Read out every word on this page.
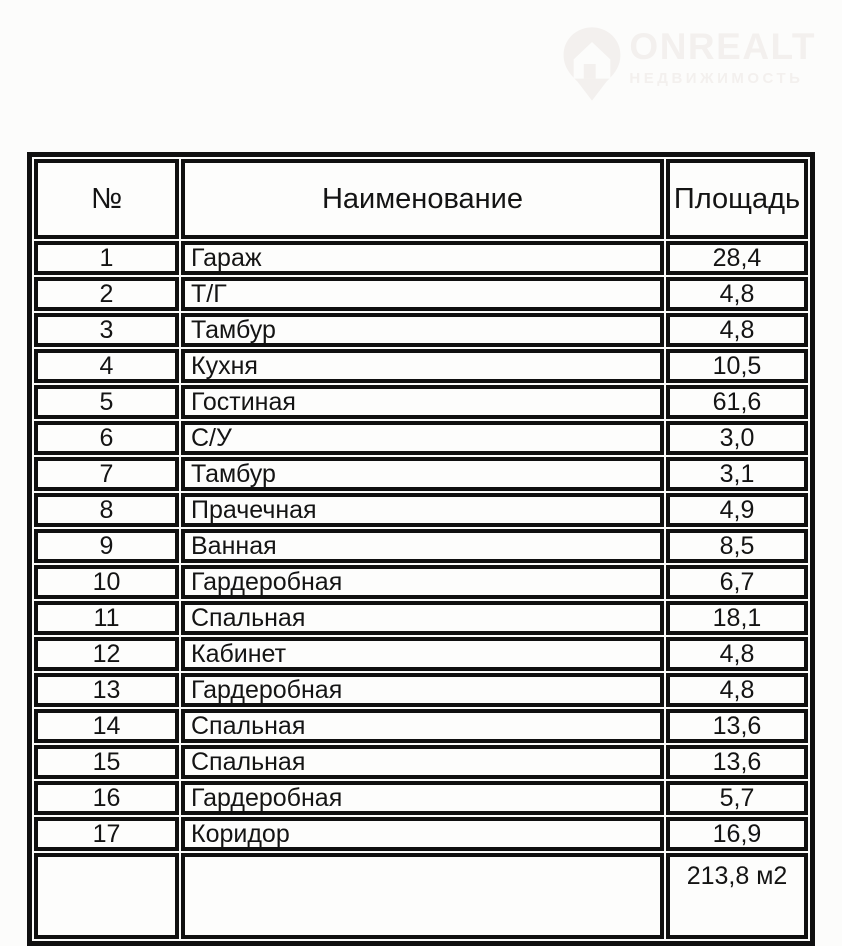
ONREALT
НЕДВИЖИМОСТЬ
№	Наименование	Площадь
1	Гараж	28,4
2	Т/Г	4,8
3	Тамбур	4,8
4	Кухня	10,5
5	Гостиная	61,6
6	С/У	3,0
7	Тамбур	3,1
8	Прачечная	4,9
9	Ванная	8,5
10	Гардеробная	6,7
11	Спальная	18,1
12	Кабинет	4,8
13	Гардеробная	4,8
14	Спальная	13,6
15	Спальная	13,6
16	Гардеробная	5,7
17	Коридор	16,9
		213,8 м2
